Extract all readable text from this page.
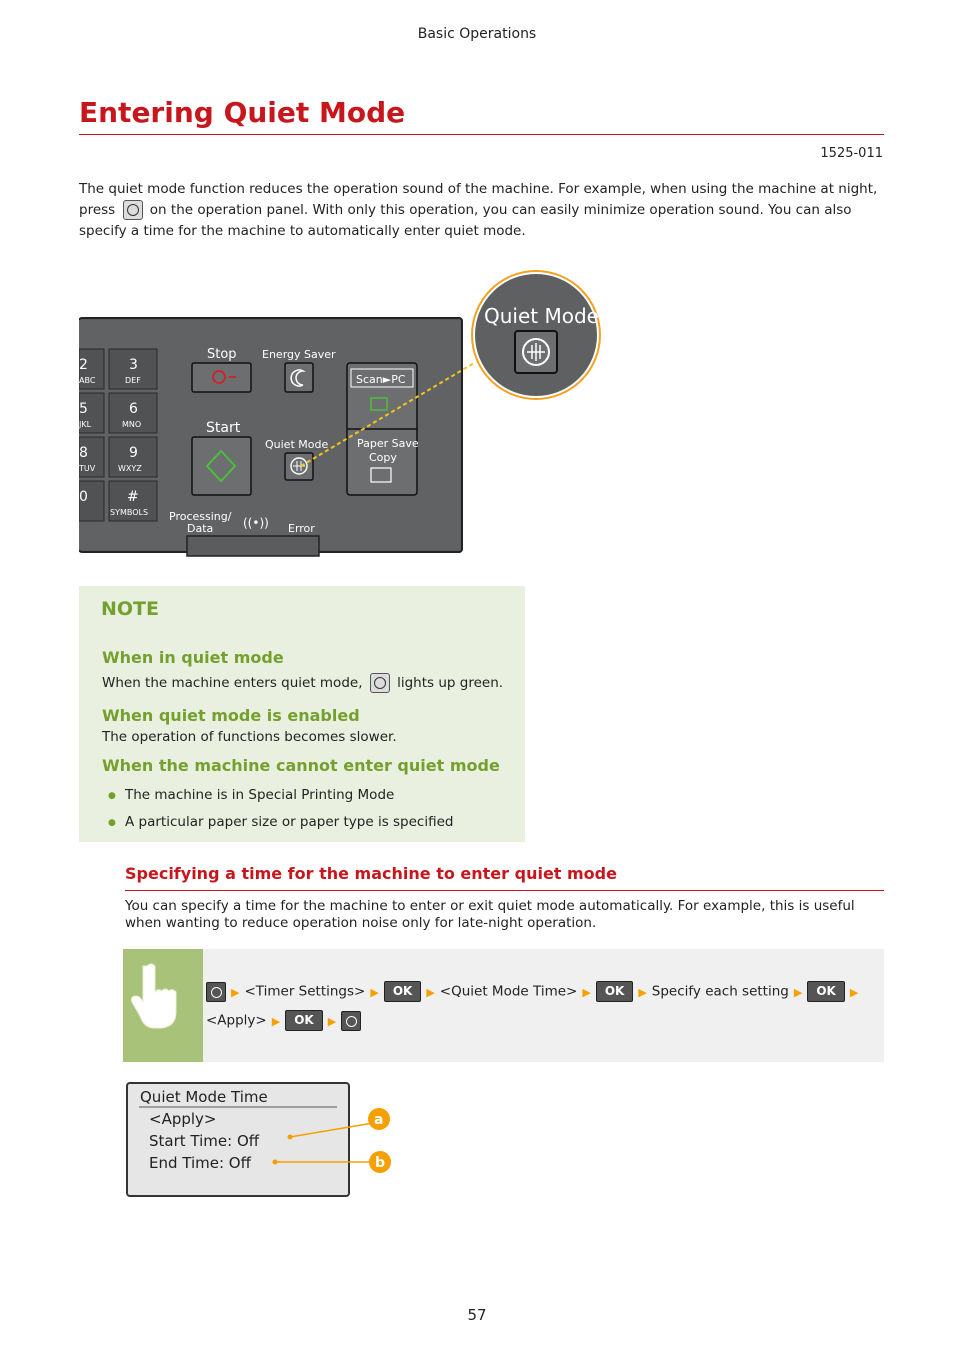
Basic Operations
Entering Quiet Mode
1525-011
The quiet mode function reduces the operation sound of the machine. For example, when using the machine at night, press	on the operation panel. With only this operation, you can easily minimize operation sound. You can also specify a time for the machine to automatically enter quiet mode.
2
ABC
3
DEF
5
JKL
6
MNO
8
TUV
9
WXYZ
0	#
SYMBOLS
Stop Energy Saver
Start
Quiet Mode
Scan►PC
Paper Save
Copy
Processing/
Data ((•)) Error
Quiet Mode
NOTE
When in quiet mode
When the machine enters quiet mode,	lights up green.
When quiet mode is enabled
The operation of functions becomes slower.
When the machine cannot enter quiet mode
● The machine is in Special Printing Mode
● A particular paper size or paper type is specified
Specifying a time for the machine to enter quiet mode
You can specify a time for the machine to enter or exit quiet mode automatically. For example, this is useful when wanting to reduce operation noise only for late-night operation.
▶ <Timer Settings> ▶ OK ▶ <Quiet Mode Time> ▶ OK ▶ Specify each setting ▶ OK ▶
<Apply> ▶ OK ▶
Quiet Mode Time
<Apply>
Start Time: Off
End Time: Off
a
b
57
